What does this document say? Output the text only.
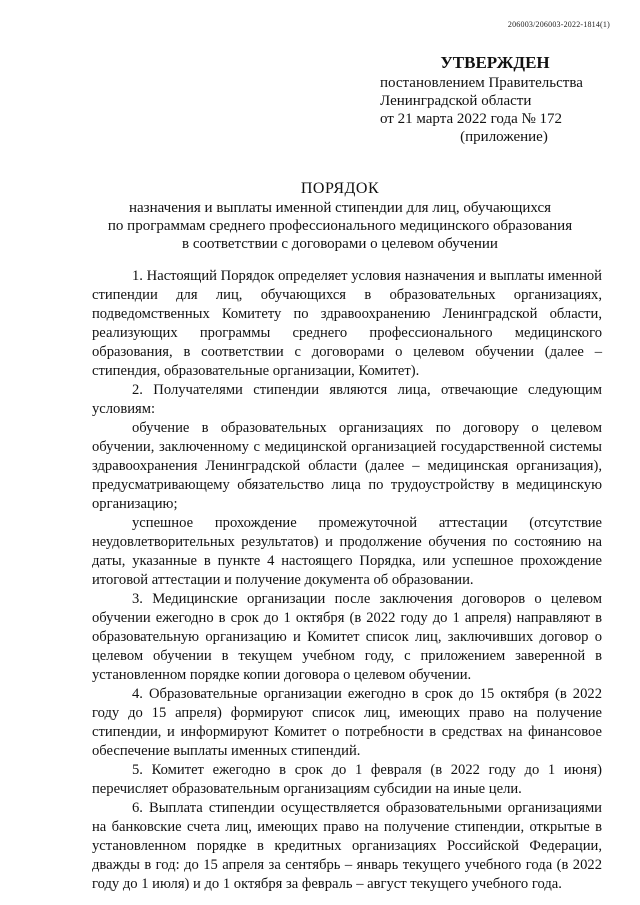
206003/206003-2022-1814(1)
УТВЕРЖДЕН
постановлением Правительства
Ленинградской области
от 21 марта 2022 года № 172
(приложение)
ПОРЯДОК
назначения и выплаты именной стипендии для лиц, обучающихся
по программам среднего профессионального медицинского образования
в соответствии с договорами о целевом обучении

1. Настоящий Порядок определяет условия назначения и выплаты именной стипендии для лиц, обучающихся в образовательных организациях, подведомственных Комитету по здравоохранению Ленинградской области, реализующих программы среднего профессионального медицинского образования, в соответствии с договорами о целевом обучении (далее – стипендия, образовательные организации, Комитет).

2. Получателями стипендии являются лица, отвечающие следующим условиям:

обучение в образовательных организациях по договору о целевом обучении, заключенному с медицинской организацией государственной системы здравоохранения Ленинградской области (далее – медицинская организация), предусматривающему обязательство лица по трудоустройству в медицинскую организацию;

успешное прохождение промежуточной аттестации (отсутствие неудовлетворительных результатов) и продолжение обучения по состоянию на даты, указанные в пункте 4 настоящего Порядка, или успешное прохождение итоговой аттестации и получение документа об образовании.

3. Медицинские организации после заключения договоров о целевом обучении ежегодно в срок до 1 октября (в 2022 году до 1 апреля) направляют в образовательную организацию и Комитет список лиц, заключивших договор о целевом обучении в текущем учебном году, с приложением заверенной в установленном порядке копии договора о целевом обучении.

4. Образовательные организации ежегодно в срок до 15 октября (в 2022 году до 15 апреля) формируют список лиц, имеющих право на получение стипендии, и информируют Комитет о потребности в средствах на финансовое обеспечение выплаты именных стипендий.

5. Комитет ежегодно в срок до 1 февраля (в 2022 году до 1 июня) перечисляет образовательным организациям субсидии на иные цели.

6. Выплата стипендии осуществляется образовательными организациями на банковские счета лиц, имеющих право на получение стипендии, открытые в установленном порядке в кредитных организациях Российской Федерации, дважды в год: до 15 апреля за сентябрь – январь текущего учебного года (в 2022 году до 1 июля) и до 1 октября за февраль – август текущего учебного года.
